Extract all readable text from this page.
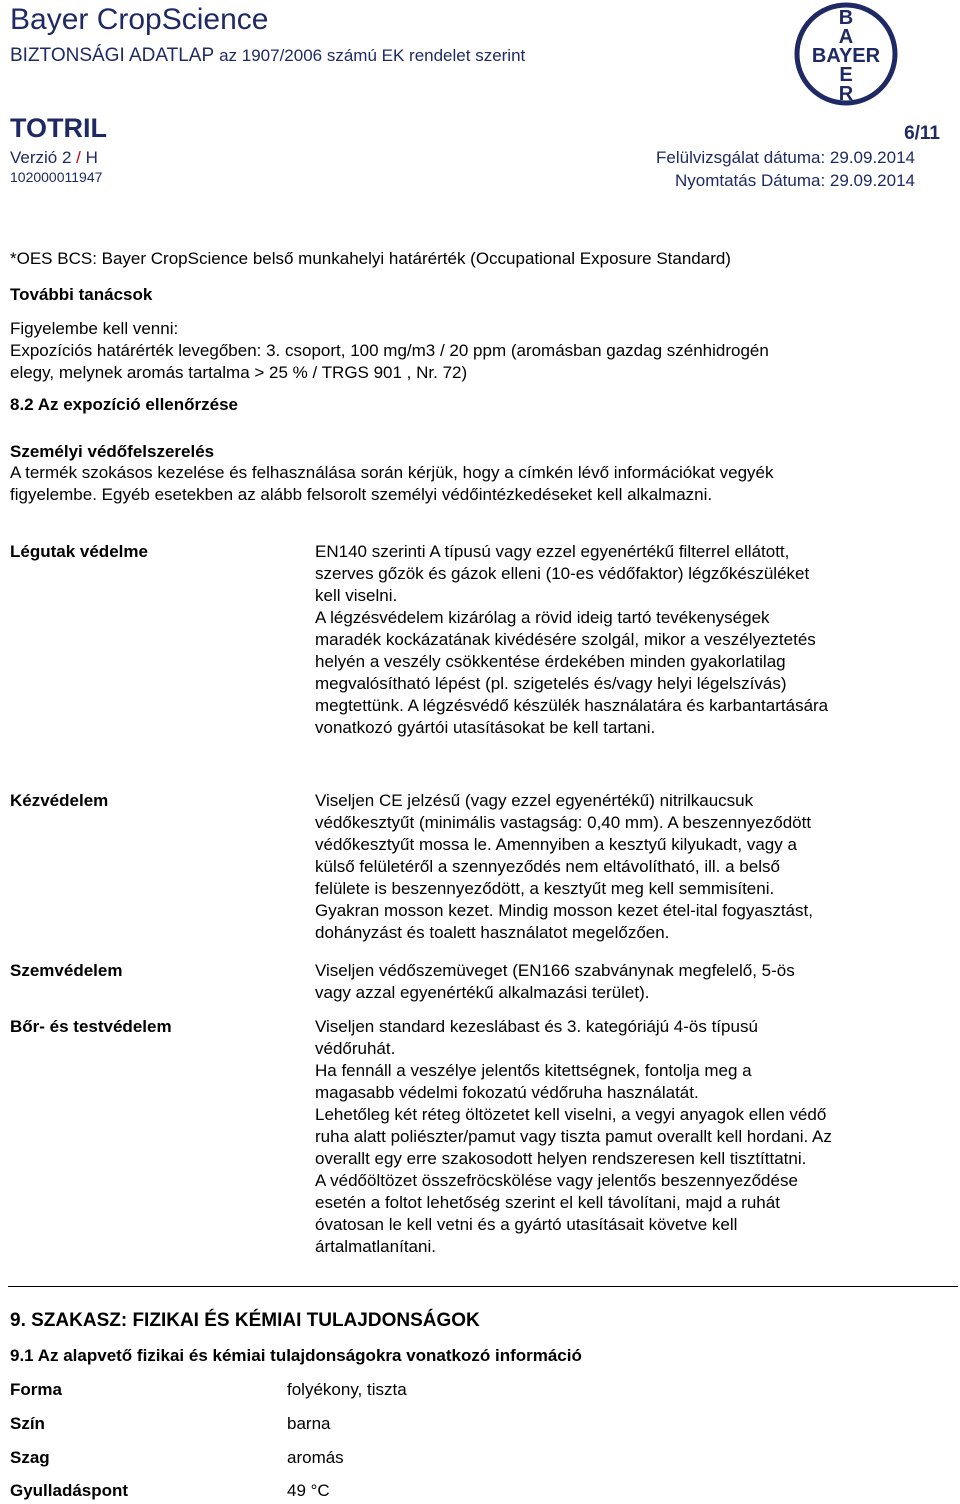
Bayer CropScience
BIZTONSÁGI ADATLAP az 1907/2006 számú EK rendelet szerint
B
A
BAYER
E
R
TOTRIL	6/11
Verzió 2 / H	Felülvizsgálat dátuma: 29.09.2014
102000011947	Nyomtatás Dátuma: 29.09.2014
*OES BCS: Bayer CropScience belső munkahelyi határérték (Occupational Exposure Standard)
További tanácsok
Figyelembe kell venni:
Expozíciós határérték levegőben: 3. csoport, 100 mg/m3 / 20 ppm (aromásban gazdag szénhidrogén
elegy, melynek aromás tartalma > 25 % / TRGS 901 , Nr. 72)
8.2 Az expozíció ellenőrzése
Személyi védőfelszerelés
A termék szokásos kezelése és felhasználása során kérjük, hogy a címkén lévő információkat vegyék
figyelembe. Egyéb esetekben az alább felsorolt személyi védőintézkedéseket kell alkalmazni.
Légutak védelme	EN140 szerinti A típusú vagy ezzel egyenértékű filterrel ellátott,
szerves gőzök és gázok elleni (10-es védőfaktor) légzőkészüléket
kell viselni.
A légzésvédelem kizárólag a rövid ideig tartó tevékenységek
maradék kockázatának kivédésére szolgál, mikor a veszélyeztetés
helyén a veszély csökkentése érdekében minden gyakorlatilag
megvalósítható lépést (pl. szigetelés és/vagy helyi légelszívás)
megtettünk. A légzésvédő készülék használatára és karbantartására
vonatkozó gyártói utasításokat be kell tartani.
Kézvédelem	Viseljen CE jelzésű (vagy ezzel egyenértékű) nitrilkaucsuk
védőkesztyűt (minimális vastagság: 0,40 mm). A beszennyeződött
védőkesztyűt mossa le. Amennyiben a kesztyű kilyukadt, vagy a
külső felületéről a szennyeződés nem eltávolítható, ill. a belső
felülete is beszennyeződött, a kesztyűt meg kell semmisíteni.
Gyakran mosson kezet. Mindig mosson kezet étel-ital fogyasztást,
dohányzást és toalett használatot megelőzően.
Szemvédelem	Viseljen védőszemüveget (EN166 szabványnak megfelelő, 5-ös
vagy azzal egyenértékű alkalmazási terület).
Bőr- és testvédelem	Viseljen standard kezeslábast és 3. kategóriájú 4-ös típusú
védőruhát.
Ha fennáll a veszélye jelentős kitettségnek, fontolja meg a
magasabb védelmi fokozatú védőruha használatát.
Lehetőleg két réteg öltözetet kell viselni, a vegyi anyagok ellen védő
ruha alatt poliészter/pamut vagy tiszta pamut overallt kell hordani. Az
overallt egy erre szakosodott helyen rendszeresen kell tisztíttatni.
A védőöltözet összefröcskölése vagy jelentős beszennyeződése
esetén a foltot lehetőség szerint el kell távolítani, majd a ruhát
óvatosan le kell vetni és a gyártó utasításait követve kell
ártalmatlanítani.
9. SZAKASZ: FIZIKAI ÉS KÉMIAI TULAJDONSÁGOK
9.1 Az alapvető fizikai és kémiai tulajdonságokra vonatkozó információ
Forma	folyékony, tiszta
Szín	barna
Szag	aromás
Gyulladáspont	49 °C
